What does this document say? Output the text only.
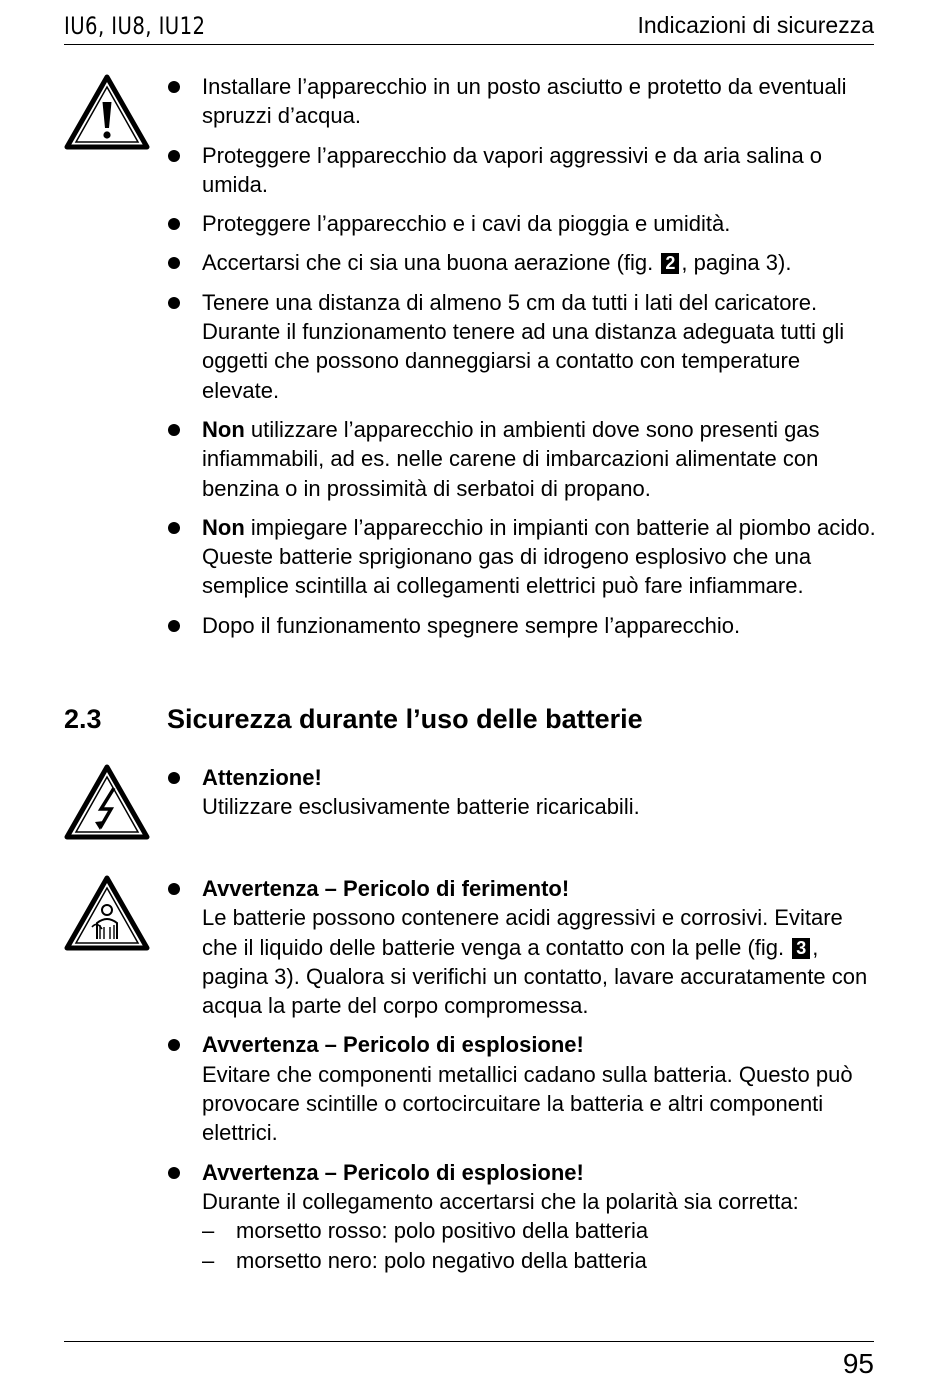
IU6, IU8, IU12	Indicazioni di sicurezza
Installare l’apparecchio in un posto asciutto e protetto da eventuali spruzzi d’acqua.
Proteggere l’apparecchio da vapori aggressivi e da aria salina o umida.
Proteggere l’apparecchio e i cavi da pioggia e umidità.
Accertarsi che ci sia una buona aerazione (fig. 2 , pagina 3).
Tenere una distanza di almeno 5 cm da tutti i lati del caricatore. Durante il funzionamento tenere ad una distanza adeguata tutti gli oggetti che possono danneggiarsi a contatto con temperature elevate.
Non utilizzare l’apparecchio in ambienti dove sono presenti gas infiammabili, ad es. nelle carene di imbarcazioni alimentate con benzina o in prossimità di serbatoi di propano.
Non impiegare l’apparecchio in impianti con batterie al piombo acido. Queste batterie sprigionano gas di idrogeno esplosivo che una semplice scintilla ai collegamenti elettrici può fare infiammare.
Dopo il funzionamento spegnere sempre l’apparecchio.
2.3 Sicurezza durante l’uso delle batterie
Attenzione!
Utilizzare esclusivamente batterie ricaricabili.
Avvertenza – Pericolo di ferimento!
Le batterie possono contenere acidi aggressivi e corrosivi. Evitare che il liquido delle batterie venga a contatto con la pelle (fig. 3 , pagina 3). Qualora si verifichi un contatto, lavare accuratamente con acqua la parte del corpo compromessa.
Avvertenza – Pericolo di esplosione!
Evitare che componenti metallici cadano sulla batteria. Questo può provocare scintille o cortocircuitare la batteria e altri componenti elettrici.
Avvertenza – Pericolo di esplosione!
Durante il collegamento accertarsi che la polarità sia corretta:
– morsetto rosso: polo positivo della batteria
– morsetto nero: polo negativo della batteria
95
